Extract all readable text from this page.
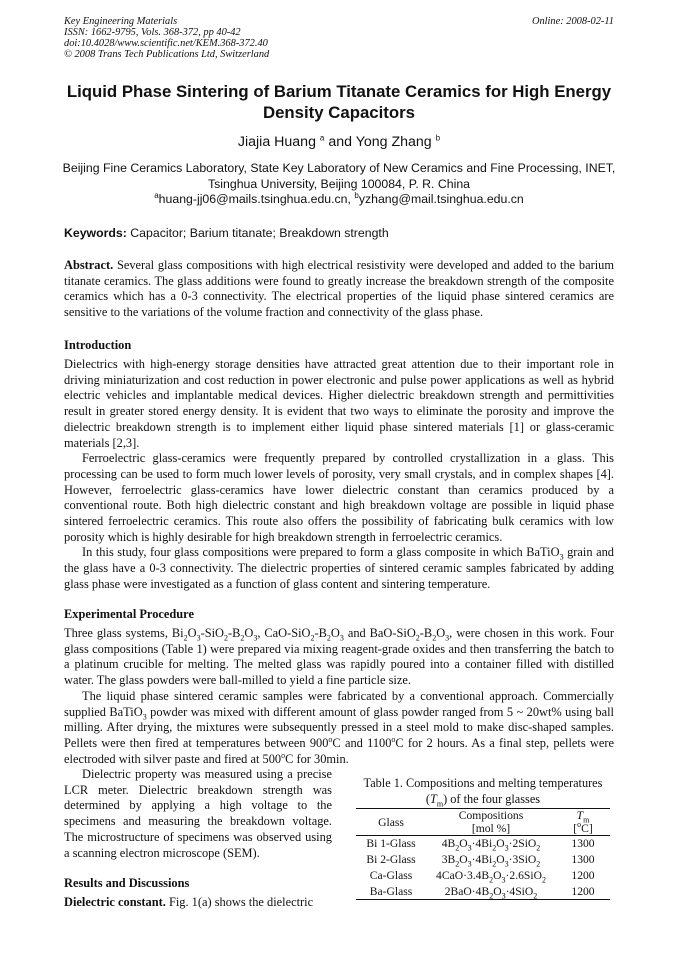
Key Engineering Materials
ISSN: 1662-9795, Vols. 368-372, pp 40-42
doi:10.4028/www.scientific.net/KEM.368-372.40
© 2008 Trans Tech Publications Ltd, Switzerland
Online: 2008-02-11
Liquid Phase Sintering of Barium Titanate Ceramics for High Energy Density Capacitors
Jiajia Huang $^a$ and Yong Zhang $^b$
Beijing Fine Ceramics Laboratory, State Key Laboratory of New Ceramics and Fine Processing, INET, Tsinghua University, Beijing 100084, P. R. China
$^a$huang-jj06@mails.tsinghua.edu.cn, $^b$yzhang@mail.tsinghua.edu.cn
Keywords: Capacitor; Barium titanate; Breakdown strength
Abstract. Several glass compositions with high electrical resistivity were developed and added to the barium titanate ceramics. The glass additions were found to greatly increase the breakdown strength of the composite ceramics which has a 0-3 connectivity. The electrical properties of the liquid phase sintered ceramics are sensitive to the variations of the volume fraction and connectivity of the glass phase.
Introduction
Dielectrics with high-energy storage densities have attracted great attention due to their important role in driving miniaturization and cost reduction in power electronic and pulse power applications as well as hybrid electric vehicles and implantable medical devices. Higher dielectric breakdown strength and permittivities result in greater stored energy density. It is evident that two ways to eliminate the porosity and improve the dielectric breakdown strength is to implement either liquid phase sintered materials [1] or glass-ceramic materials [2,3].
Ferroelectric glass-ceramics were frequently prepared by controlled crystallization in a glass. This processing can be used to form much lower levels of porosity, very small crystals, and in complex shapes [4]. However, ferroelectric glass-ceramics have lower dielectric constant than ceramics produced by a conventional route. Both high dielectric constant and high breakdown voltage are possible in liquid phase sintered ferroelectric ceramics. This route also offers the possibility of fabricating bulk ceramics with low porosity which is highly desirable for high breakdown strength in ferroelectric ceramics.
In this study, four glass compositions were prepared to form a glass composite in which BaTiO$_3$ grain and the glass have a 0-3 connectivity. The dielectric properties of sintered ceramic samples fabricated by adding glass phase were investigated as a function of glass content and sintering temperature.
Experimental Procedure
Three glass systems, $Bi_2O_3-SiO_2-B_2O_3$, CaO-$SiO_2-B_2O_3$ and BaO-$SiO_2-B_2O_3$, were chosen in this work. Four glass compositions (Table 1) were prepared via mixing reagent-grade oxides and then transferring the batch to a platinum crucible for melting. The melted glass was rapidly poured into a container filled with distilled water. The glass powders were ball-milled to yield a fine particle size.
The liquid phase sintered ceramic samples were fabricated by a conventional approach. Commercially supplied BaTiO$_3$ powder was mixed with different amount of glass powder ranged from 5 ~ 20wt% using ball milling. After drying, the mixtures were subsequently pressed in a steel mold to make disc-shaped samples. Pellets were then fired at temperatures between 900$^o$C and 1100$^o$C for 2 hours. As a final step, pellets were electroded with silver paste and fired at 500$^o$C for 30min.
Dielectric property was measured using a precise LCR meter. Dielectric breakdown strength was determined by applying a high voltage to the specimens and measuring the breakdown voltage. The microstructure of specimens was observed using a scanning electron microscope (SEM).
Results and Discussions
Dielectric constant. Fig. 1(a) shows the dielectric
Table 1. Compositions and melting temperatures $(T_m)$ of the four glasses
Glass	Compositions	$T_m$
	[mol %]	[$^o$C]
Bi 1-Glass	$4B_2O_3\cdot 4Bi_2O_3\cdot 2SiO_2$	1300
Bi 2-Glass	$3B_2O_3\cdot 4Bi_2O_3\cdot 3SiO_2$	1300
Ca-Glass	$4CaO\cdot 3.4B_2O_3\cdot 2.6SiO_2$	1200
Ba-Glass	$2BaO\cdot 4B_2O_3\cdot 4SiO_2$	1200
